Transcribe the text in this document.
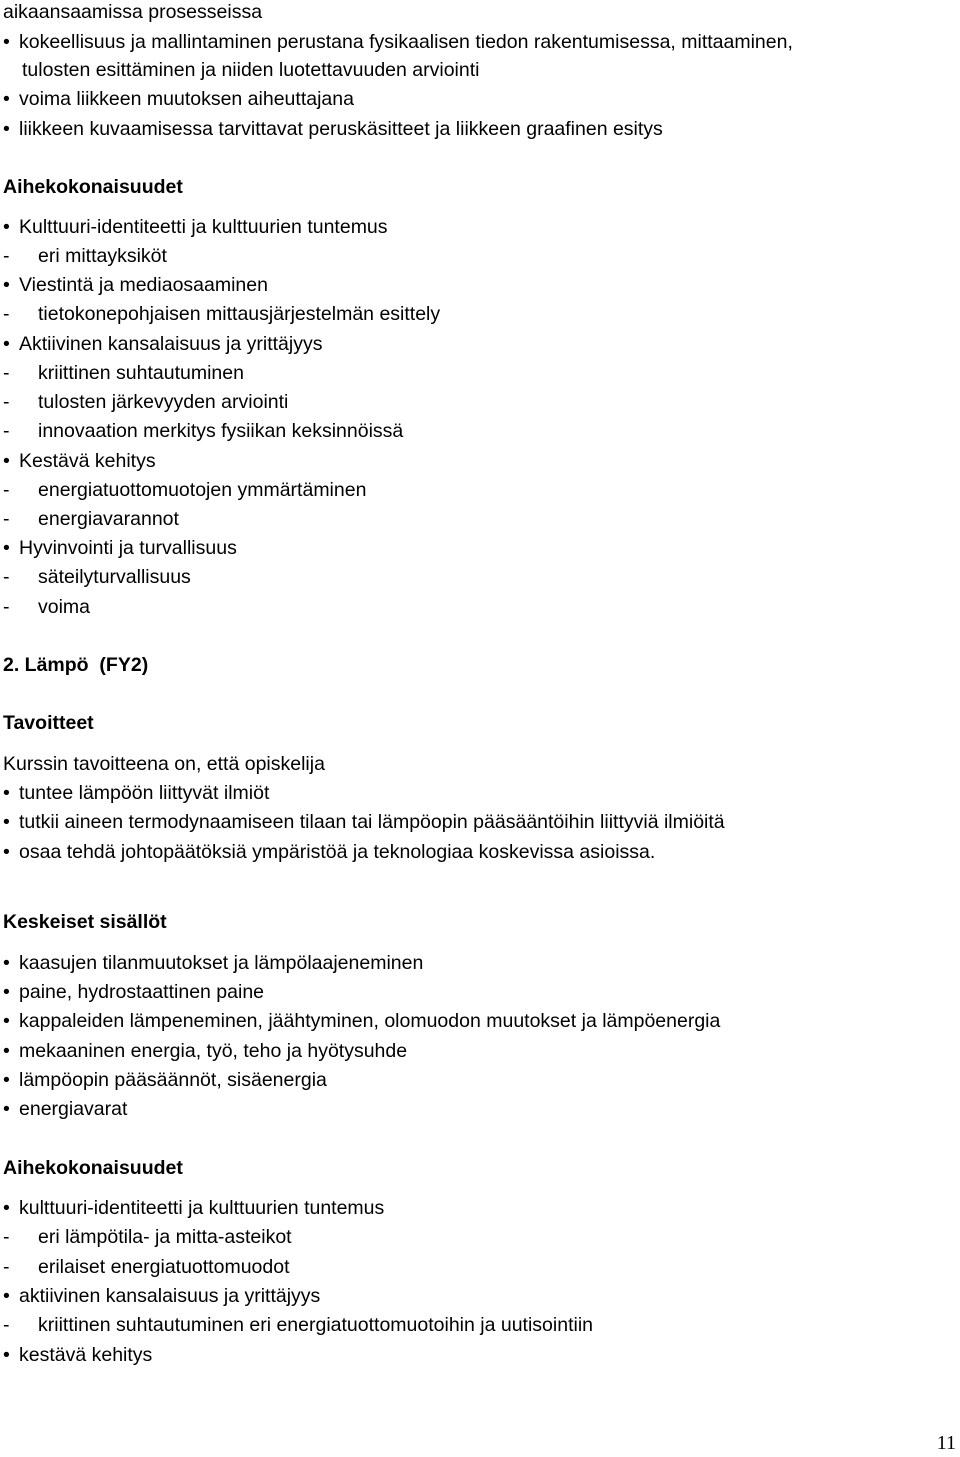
aikaansaamissa prosesseissa
• kokeellisuus ja mallintaminen perustana fysikaalisen tiedon rakentumisessa, mittaaminen,
tulosten esittäminen ja niiden luotettavuuden arviointi
• voima liikkeen muutoksen aiheuttajana
• liikkeen kuvaamisessa tarvittavat peruskäsitteet ja liikkeen graafinen esitys
Aihekokonaisuudet
• Kulttuuri-identiteetti ja kulttuurien tuntemus
- eri mittayksiköt
• Viestintä ja mediaosaaminen
- tietokonepohjaisen mittausjärjestelmän esittely
• Aktiivinen kansalaisuus ja yrittäjyys
- kriittinen suhtautuminen
- tulosten järkevyyden arviointi
- innovaation merkitys fysiikan keksinnöissä
• Kestävä kehitys
- energiatuottomuotojen ymmärtäminen
- energiavarannot
• Hyvinvointi ja turvallisuus
- säteilyturvallisuus
- voima
2. Lämpö  (FY2)
Tavoitteet
Kurssin tavoitteena on, että opiskelija
• tuntee lämpöön liittyvät ilmiöt
• tutkii aineen termodynaamiseen tilaan tai lämpöopin pääsääntöihin liittyviä ilmiöitä
• osaa tehdä johtopäätöksiä ympäristöä ja teknologiaa koskevissa asioissa.
Keskeiset sisällöt
• kaasujen tilanmuutokset ja lämpölaajeneminen
• paine, hydrostaattinen paine
• kappaleiden lämpeneminen, jäähtyminen, olomuodon muutokset ja lämpöenergia
• mekaaninen energia, työ, teho ja hyötysuhde
• lämpöopin pääsäännöt, sisäenergia
• energiavarat
Aihekokonaisuudet
• kulttuuri-identiteetti ja kulttuurien tuntemus
- eri lämpötila- ja mitta-asteikot
- erilaiset energiatuottomuodot
• aktiivinen kansalaisuus ja yrittäjyys
- kriittinen suhtautuminen eri energiatuottomuotoihin ja uutisointiin
• kestävä kehitys
11
